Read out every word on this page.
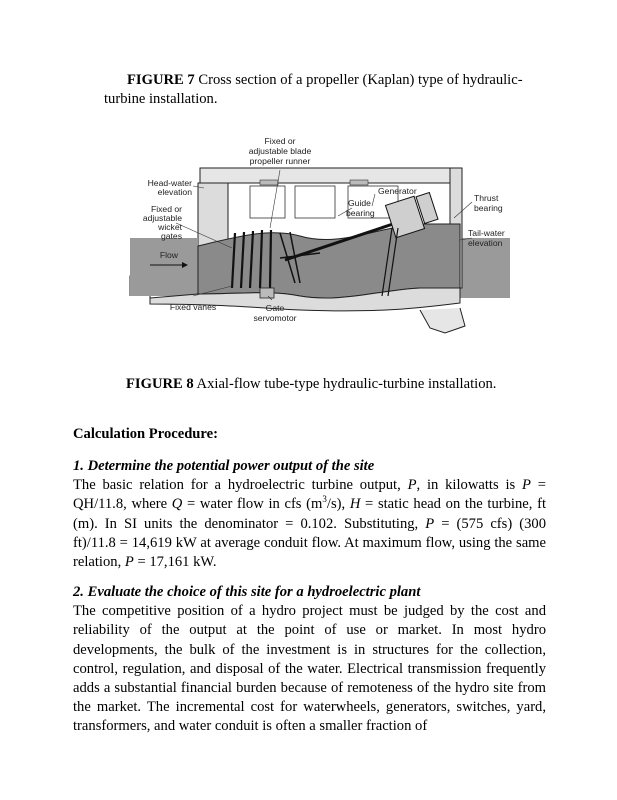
FIGURE 7 Cross section of a propeller (Kaplan) type of hydraulic-turbine installation.

Fixed or
adjustable blade
propeller runner
Head-water
elevation
Fixed or
adjustable
wicket
gates
Flow
Generator
Guide
bearing
Thrust
bearing
Tail-water
elevation
Fixed vanes	Gate
servomotor

FIGURE 8 Axial-flow tube-type hydraulic-turbine installation.

Calculation Procedure:

1. Determine the potential power output of the site
The basic relation for a hydroelectric turbine output, P, in kilowatts is P = QH/11.8, where Q = water flow in cfs $(m^3/s)$, H = static head on the turbine, ft (m). In SI units the denominator = 0.102. Substituting, P = (575 cfs) (300 ft)/11.8 = 14,619 kW at average conduit flow. At maximum flow, using the same relation, P = 17,161 kW.

2. Evaluate the choice of this site for a hydroelectric plant
The competitive position of a hydro project must be judged by the cost and reliability of the output at the point of use or market. In most hydro developments, the bulk of the investment is in structures for the collection, control, regulation, and disposal of the water. Electrical transmission frequently adds a substantial financial burden because of remoteness of the hydro site from the market. The incremental cost for waterwheels, generators, switches, yard, transformers, and water conduit is often a smaller fraction of
